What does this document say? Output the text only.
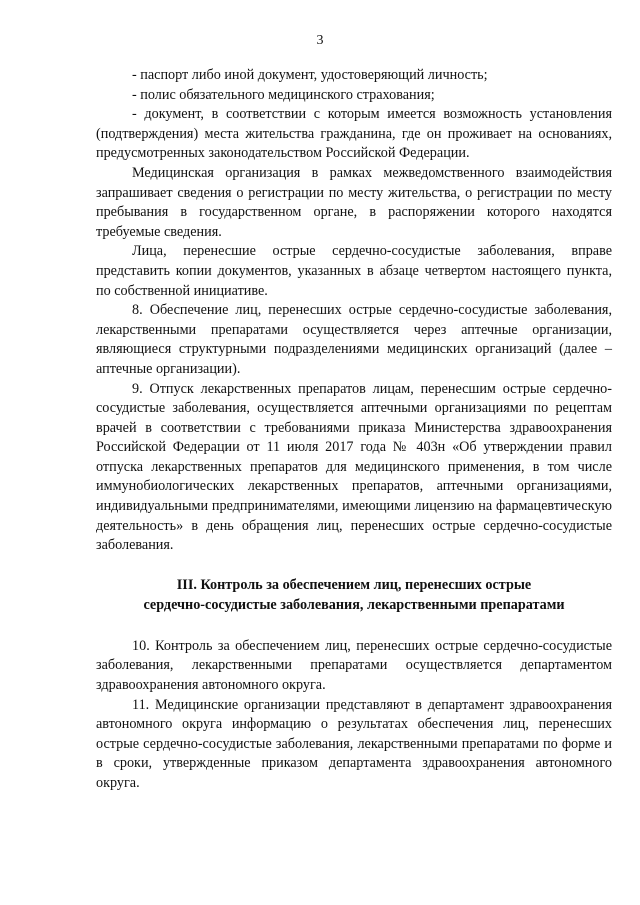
3

- паспорт либо иной документ, удостоверяющий личность;

- полис обязательного медицинского страхования;

- документ, в соответствии с которым имеется возможность установления (подтверждения) места жительства гражданина, где он проживает на основаниях, предусмотренных законодательством Российской Федерации.

Медицинская организация в рамках межведомственного взаимодействия запрашивает сведения о регистрации по месту жительства, о регистрации по месту пребывания в государственном органе, в распоряжении которого находятся требуемые сведения.

Лица, перенесшие острые сердечно-сосудистые заболевания, вправе представить копии документов, указанных в абзаце четвертом настоящего пункта, по собственной инициативе.

8. Обеспечение лиц, перенесших острые сердечно-сосудистые заболевания, лекарственными препаратами осуществляется через аптечные организации, являющиеся структурными подразделениями медицинских организаций (далее – аптечные организации).

9. Отпуск лекарственных препаратов лицам, перенесшим острые сердечно-сосудистые заболевания, осуществляется аптечными организациями по рецептам врачей в соответствии с требованиями приказа Министерства здравоохранения Российской Федерации от 11 июля 2017 года № 403н «Об утверждении правил отпуска лекарственных препаратов для медицинского применения, в том числе иммунобиологических лекарственных препаратов, аптечными организациями, индивидуальными предпринимателями, имеющими лицензию на фармацевтическую деятельность» в день обращения лиц, перенесших острые сердечно-сосудистые заболевания.

III. Контроль за обеспечением лиц, перенесших острые
сердечно-сосудистые заболевания, лекарственными препаратами

10. Контроль за обеспечением лиц, перенесших острые сердечно-сосудистые заболевания, лекарственными препаратами осуществляется департаментом здравоохранения автономного округа.

11. Медицинские организации представляют в департамент здравоохранения автономного округа информацию о результатах обеспечения лиц, перенесших острые сердечно-сосудистые заболевания, лекарственными препаратами по форме и в сроки, утвержденные приказом департамента здравоохранения автономного округа.
